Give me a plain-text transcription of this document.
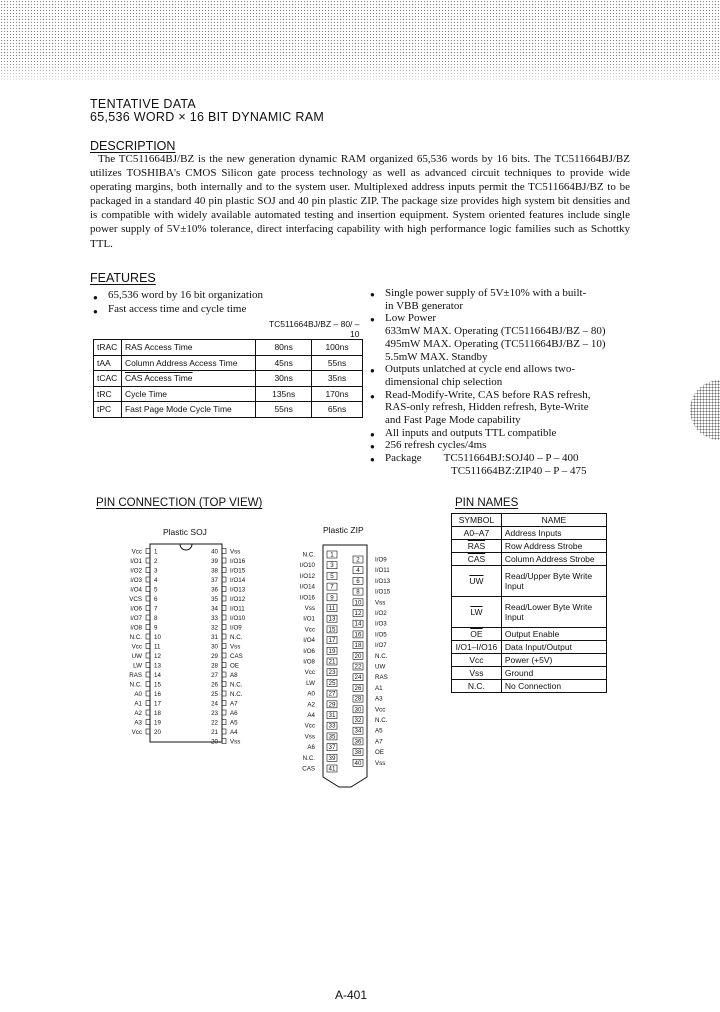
TENTATIVE DATA
65,536 WORD × 16 BIT DYNAMIC RAM
DESCRIPTION
The TC511664BJ/BZ is the new generation dynamic RAM organized 65,536 words by 16 bits. The TC511664BJ/BZ utilizes TOSHIBA's CMOS Silicon gate process technology as well as advanced circuit techniques to provide wide operating margins, both internally and to the system user. Multiplexed address inputs permit the TC511664BJ/BZ to be packaged in a standard 40 pin plastic SOJ and 40 pin plastic ZIP. The package size provides high system bit densities and is compatible with widely available automated testing and insertion equipment. System oriented features include single power supply of 5V±10% tolerance, direct interfacing capability with high performance logic families such as Schottky TTL.
FEATURES
● 65,536 word by 16 bit organization
● Fast access time and cycle time
		TC511664BJ/BZ – 80/ – 10	
tRAC	RAS Access Time	80ns	100ns
tAA	Column Address Access Time	45ns	55ns
tCAC	CAS Access Time	30ns	35ns
tRC	Cycle Time	135ns	170ns
tPC	Fast Page Mode Cycle Time	55ns	65ns
● Single power supply of 5V±10% with a built-
in VBB generator
● Low Power
633mW MAX. Operating (TC511664BJ/BZ – 80)
495mW MAX. Operating (TC511664BJ/BZ – 10)
5.5mW MAX. Standby
● Outputs unlatched at cycle end allows two-
dimensional chip selection
● Read-Modify-Write, CAS before RAS refresh,
RAS-only refresh, Hidden refresh, Byte-Write
and Fast Page Mode capability
● All inputs and outputs TTL compatible
● 256 refresh cycles/4ms
● Package TC511664BJ:SOJ40 – P – 400
TC511664BZ:ZIP40 – P – 475
PIN CONNECTION (TOP VIEW)
Plastic SOJ	Plastic ZIP
Vcc 1
I/O1 2
I/O2 3
I/O3 4
I/O4 5
VCS 6
I/O6 7
I/O7 8
I/O8 9
N.C. 10
Vcc 11
UW 12
LW 13
RAS 14
N.C. 15
A0 16
A1 17
A2 18
A3 19
Vcc 20
Vss
40
I/O16
39
I/O15
38
I/O14
37
I/O13
36
I/O12
35
I/O11
34
I/O10
33
I/O9
32
N.C.
31
Vss
30
CAS
29
OE
28
A8
27
N.C.
26
N.C.
25
A7
24
A6
23
A5
22
A4
21
Vss
20
1
N.C.
3
I/O10
5
I/O12
7
I/O14
9
I/O16
11
Vss
13
I/O1
15
Vcc
17
I/O4
19
I/O6
21
I/O8
23
Vcc
25
LW
27
A0
29
A2
31
A4
33
Vcc
35
Vss
37
A6
39
N.C.
41
CAS
2 I/O9
4 I/O11
6 I/O13
8 I/O15
10 Vss
12 I/O2
14 I/O3
16 I/O5
18 I/O7
20 N.C.
22 UW
24 RAS
26 A1
28 A3
30 Vcc
32 N.C.
34 A5
36 A7
38 OE
40 Vss
PIN NAMES
SYMBOL	NAME
A0–A7	Address Inputs
$\overline{RAS}$	Row Address Strobe
$\overline{CAS}$	Column Address Strobe
$\overline{UW}$	Read/Upper Byte Write Input
$\overline{LW}$	Read/Lower Byte Write Input
$\overline{OE}$	Output Enable
I/O1–I/O16	Data Input/Output
Vcc	Power (+5V)
Vss	Ground
N.C.	No Connection
A-401
